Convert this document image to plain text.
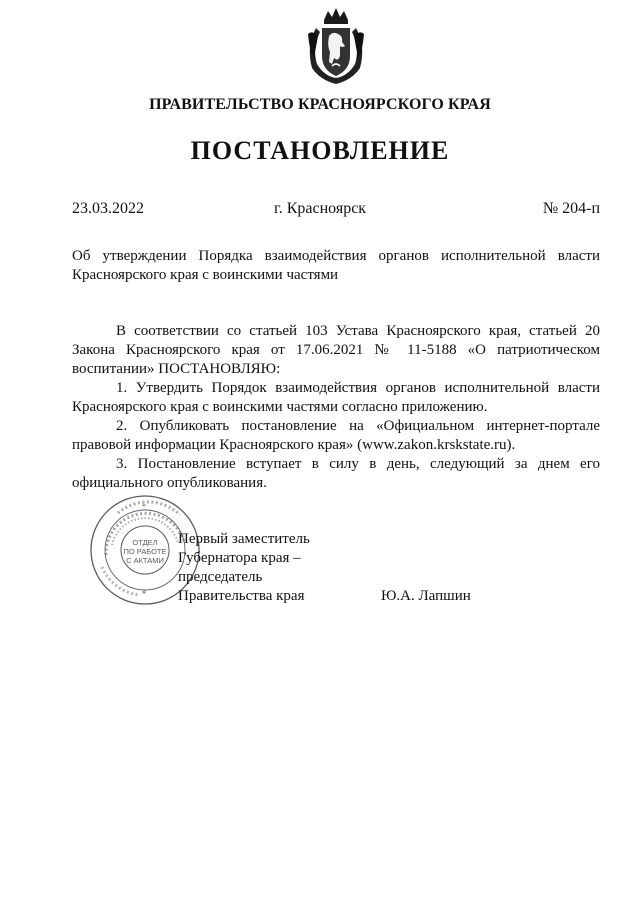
ПРАВИТЕЛЬСТВО КРАСНОЯРСКОГО КРАЯ
ПОСТАНОВЛЕНИЕ
23.03.2022	г. Красноярск	№ 204-п
Об утверждении Порядка взаимодействия органов исполнительной власти Красноярского края с воинскими частями

В соответствии со статьей 103 Устава Красноярского края, статьей 20 Закона Красноярского края от 17.06.2021 № 11-5188 «О патриотическом воспитании» ПОСТАНОВЛЯЮ:

1. Утвердить Порядок взаимодействия органов исполнительной власти Красноярского края с воинскими частями согласно приложению.

2. Опубликовать постановление на «Официальном интернет-портале правовой информации Красноярского края» (www.zakon.krskstate.ru).

3. Постановление вступает в силу в день, следующий за днем его официального опубликования.

*
*
ОТДЕЛ
ПО РАБОТЕ
С АКТАМИ
Первый заместитель
Губернатора края –
председатель
Правительства края	Ю.А. Лапшин
